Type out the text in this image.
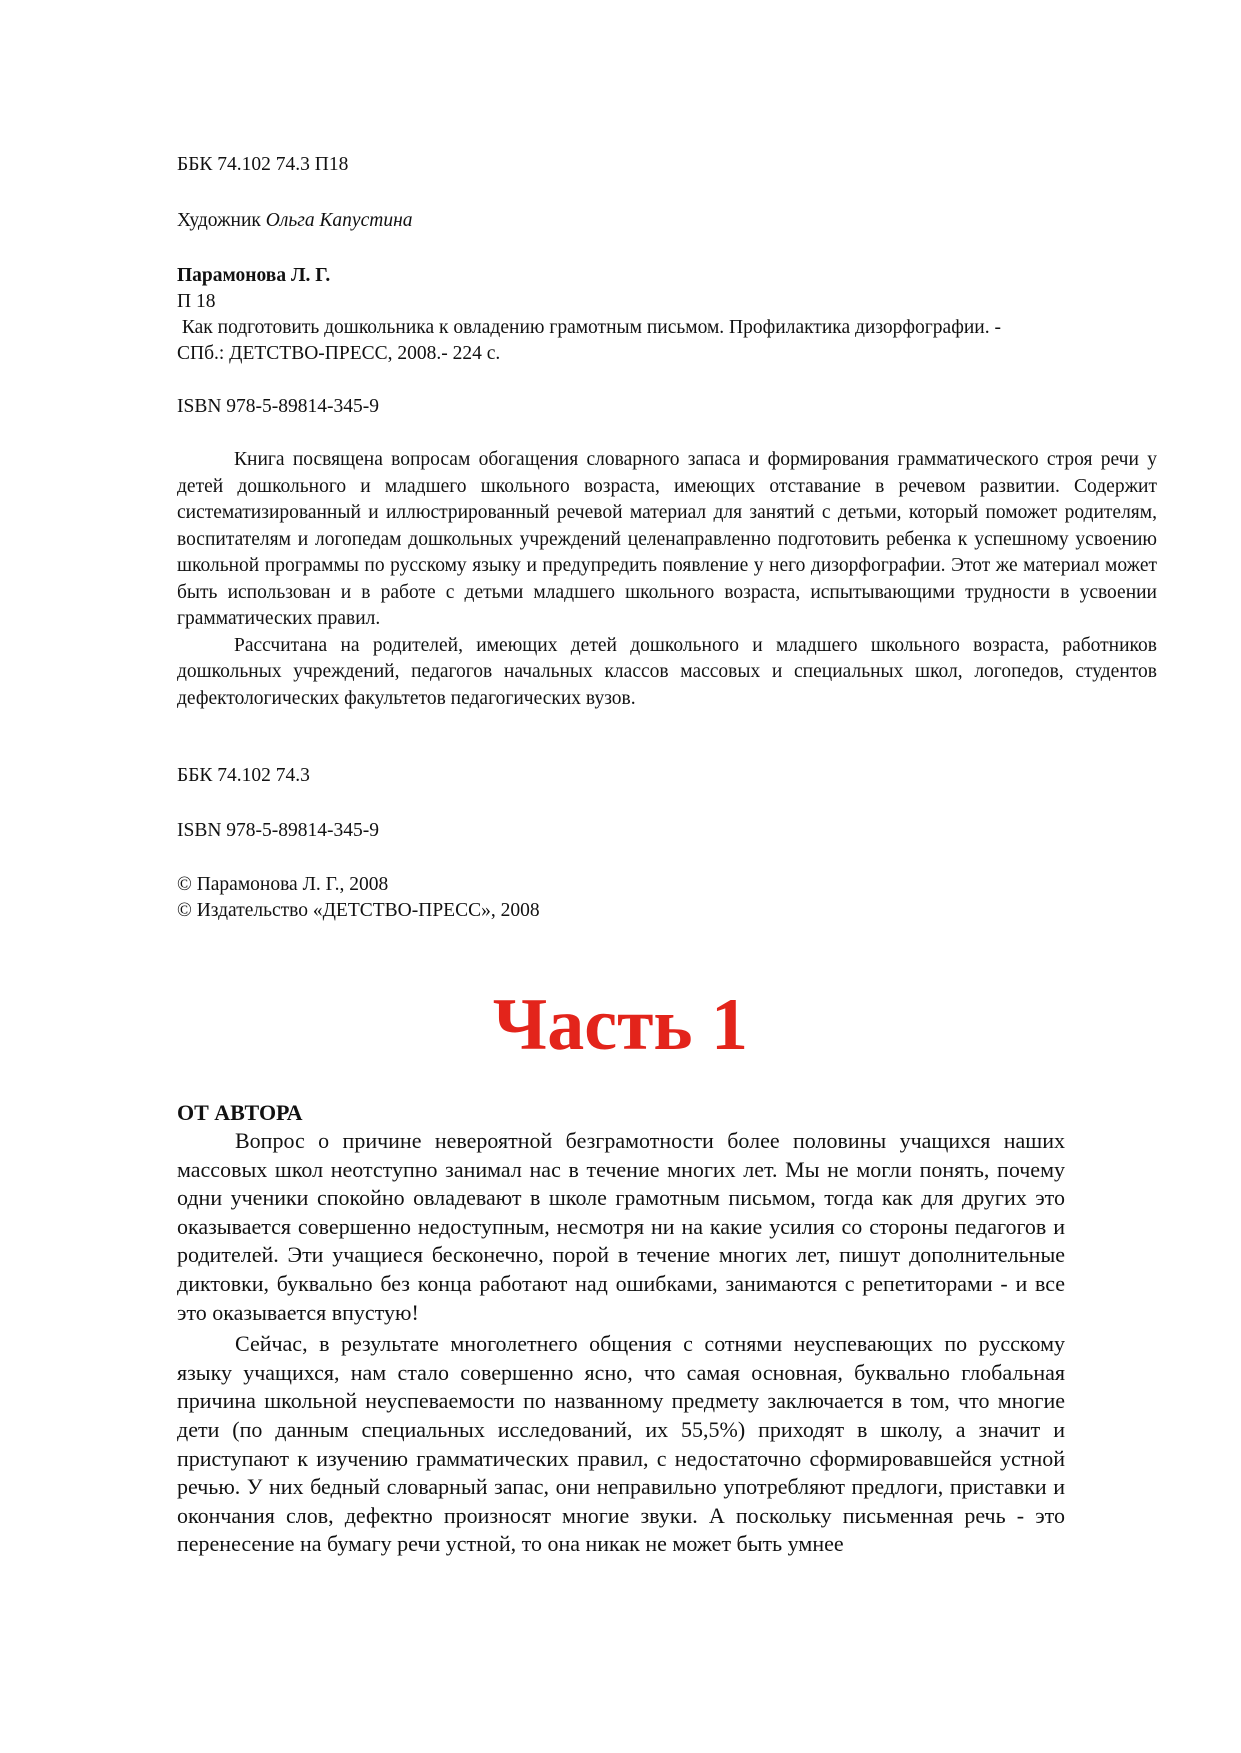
ББК 74.102 74.3 П18
Художник Ольга Капустина
Парамонова Л. Г.
П 18
Как подготовить дошкольника к овладению грамотным письмом. Профилактика дизорфографии. -
СПб.: ДЕТСТВО-ПРЕСС, 2008.- 224 с.
ISBN 978-5-89814-345-9

Книга посвящена вопросам обогащения словарного запаса и формирования грамматического строя речи у детей дошкольного и младшего школьного возраста, имеющих отставание в речевом развитии. Содержит систематизированный и иллюстрированный речевой материал для занятий с детьми, который поможет родителям, воспитателям и логопедам дошкольных учреждений целенаправленно подготовить ребенка к успешному усвоению школьной программы по русскому языку и предупредить появление у него дизорфографии. Этот же материал может быть использован и в работе с детьми младшего школьного возраста, испытывающими трудности в усвоении грамматических правил.

Рассчитана на родителей, имеющих детей дошкольного и младшего школьного возраста, работников дошкольных учреждений, педагогов начальных классов массовых и специальных школ, логопедов, студентов дефектологических факультетов педагогических вузов.

ББК 74.102 74.3
ISBN 978-5-89814-345-9
© Парамонова Л. Г., 2008
© Издательство «ДЕТСТВО-ПРЕСС», 2008
Часть 1
ОТ АВТОРА

Вопрос о причине невероятной безграмотности более половины учащихся наших массовых школ неотступно занимал нас в течение многих лет. Мы не могли понять, почему одни ученики спокойно овладевают в школе грамотным письмом, тогда как для других это оказывается совершенно недоступным, несмотря ни на какие усилия со стороны педагогов и родителей. Эти учащиеся бесконечно, порой в течение многих лет, пишут дополнительные диктовки, буквально без конца работают над ошибками, занимаются с репетиторами - и все это оказывается впустую!

Сейчас, в результате многолетнего общения с сотнями неуспевающих по русскому языку учащихся, нам стало совершенно ясно, что самая основная, буквально глобальная причина школьной неуспеваемости по названному предмету заключается в том, что многие дети (по данным специальных исследований, их 55,5%) приходят в школу, а значит и приступают к изучению грамматических правил, с недостаточно сформировавшейся устной речью. У них бедный словарный запас, они неправильно употребляют предлоги, приставки и окончания слов, дефектно произносят многие звуки. А поскольку письменная речь - это перенесение на бумагу речи устной, то она никак не может быть умнее
